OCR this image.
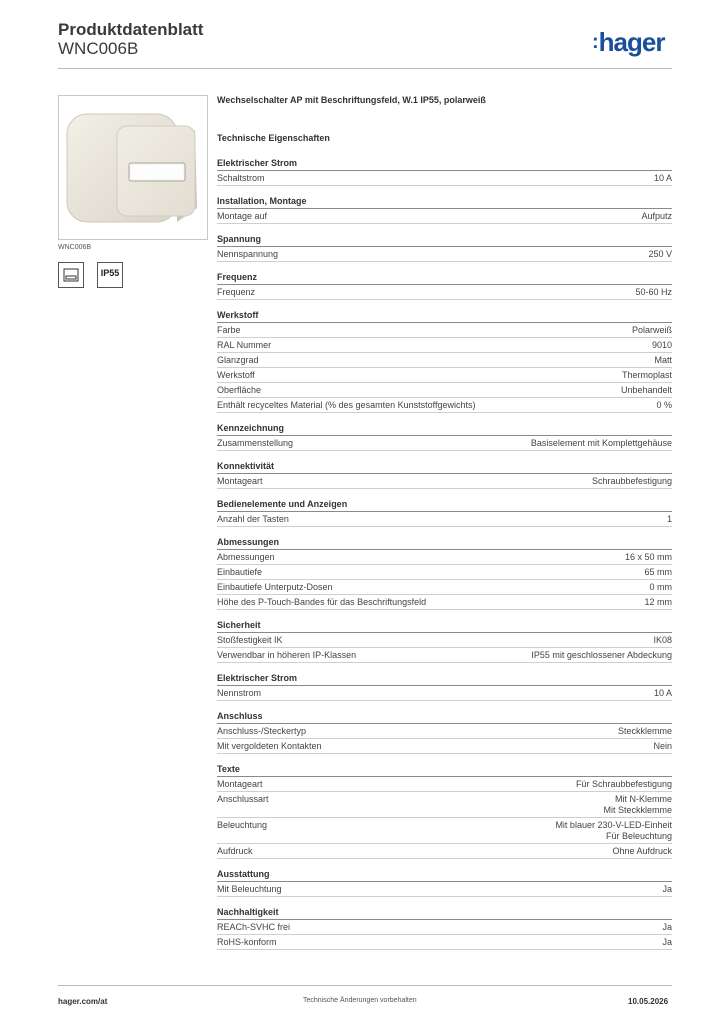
Produktdatenblatt
WNC006B	:hager
WNC006B
IP55
Wechselschalter AP mit Beschriftungsfeld, W.1 IP55, polarweiß
Technische Eigenschaften
Elektrischer Strom
Schaltstrom	10 A
Installation, Montage
Montage auf	Aufputz
Spannung
Nennspannung	250 V
Frequenz
Frequenz	50-60 Hz
Werkstoff
Farbe	Polarweiß
RAL Nummer	9010
Glanzgrad	Matt
Werkstoff	Thermoplast
Oberfläche	Unbehandelt
Enthält recyceltes Material (% des gesamten Kunststoffgewichts)	0 %
Kennzeichnung
Zusammenstellung	Basiselement mit Komplettgehäuse
Konnektivität
Montageart	Schraubbefestigung
Bedienelemente und Anzeigen
Anzahl der Tasten	1
Abmessungen
Abmessungen	16 x 50 mm
Einbautiefe	65 mm
Einbautiefe Unterputz-Dosen	0 mm
Höhe des P-Touch-Bandes für das Beschriftungsfeld	12 mm
Sicherheit
Stoßfestigkeit IK	IK08
Verwendbar in höheren IP-Klassen	IP55 mit geschlossener Abdeckung
Elektrischer Strom
Nennstrom	10 A
Anschluss
Anschluss-/Steckertyp	Steckklemme
Mit vergoldeten Kontakten	Nein
Texte
Montageart	Für Schraubbefestigung
Anschlussart	Mit N-Klemme
Mit Steckklemme
Beleuchtung	Mit blauer 230-V-LED-Einheit
Für Beleuchtung
Aufdruck	Ohne Aufdruck
Ausstattung
Mit Beleuchtung	Ja
Nachhaltigkeit
REACh-SVHC frei	Ja
RoHS-konform	Ja
hager.com/at	Technische Änderungen vorbehalten	10.05.2026
